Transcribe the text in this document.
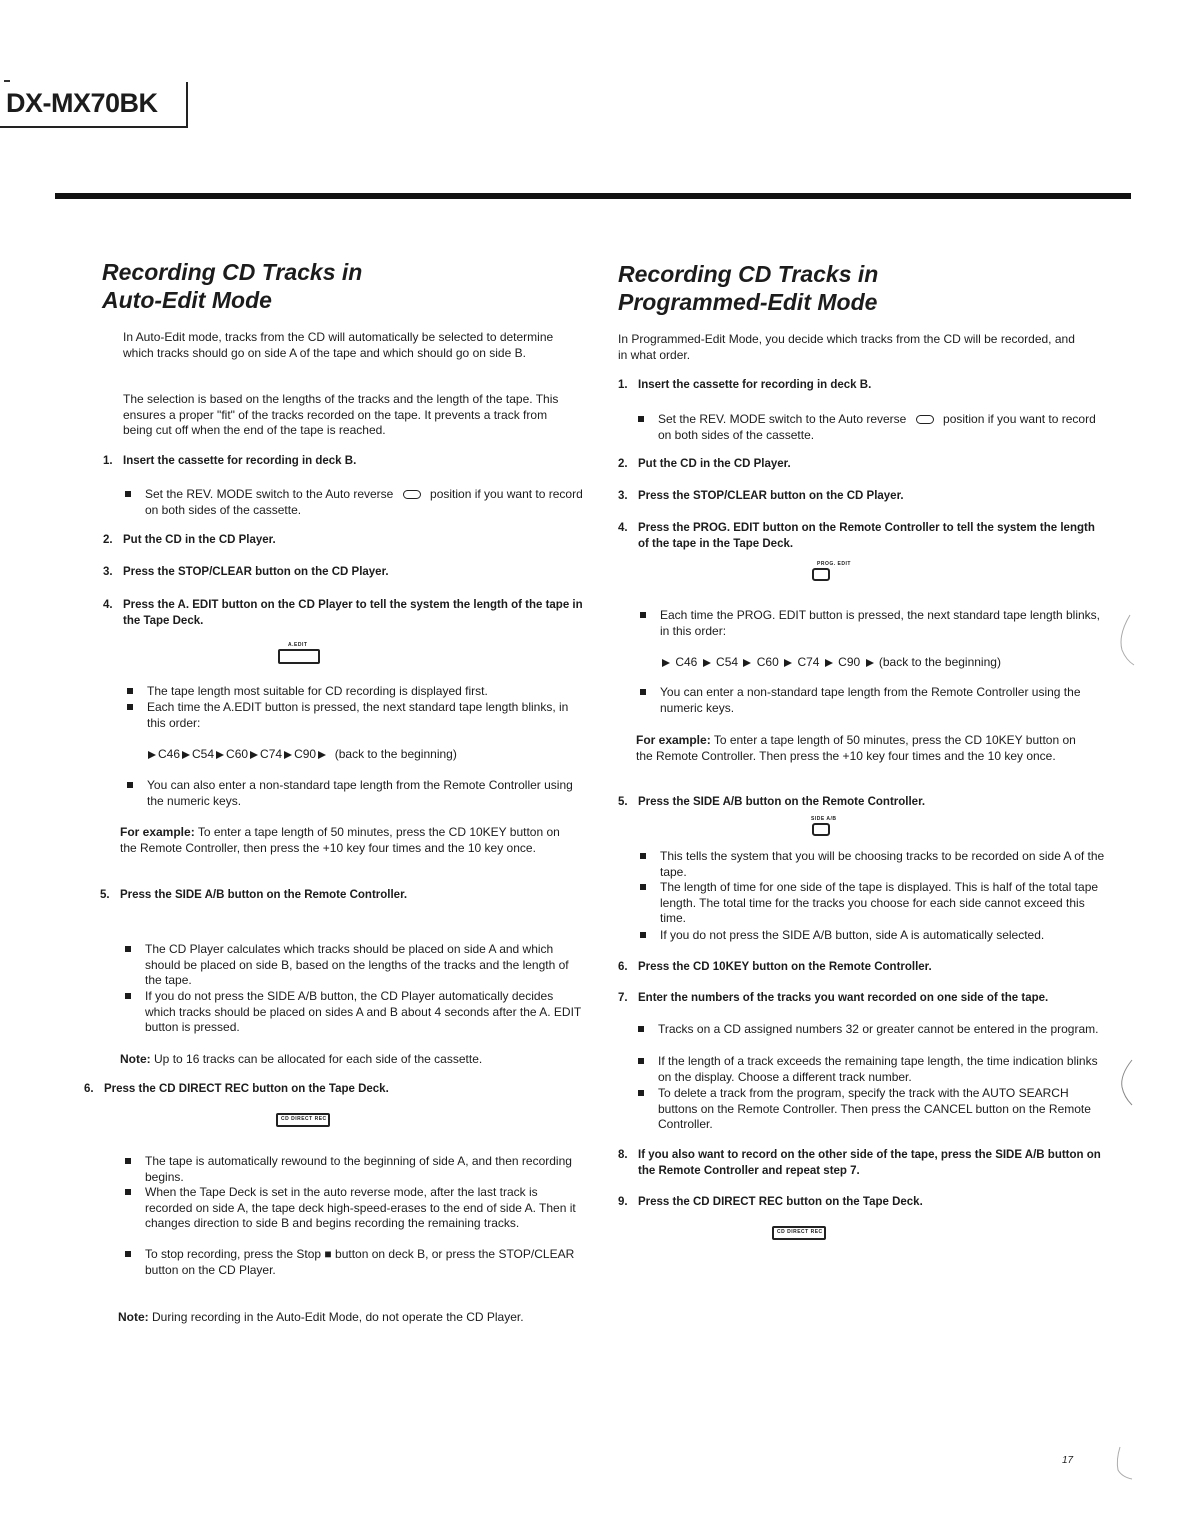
DX-MX70BK
Recording CD Tracks in
Auto-Edit Mode

In Auto-Edit mode, tracks from the CD will automatically be selected to determine which tracks should go on side A of the tape and which should go on side B.

The selection is based on the lengths of the tracks and the length of the tape. This ensures a proper "fit" of the tracks recorded on the tape. It prevents a track from being cut off when the end of the tape is reached.

1. Insert the cassette for recording in deck B.
Set the REV. MODE switch to the Auto reverse	position if you want to record on both sides of the cassette.
2. Put the CD in the CD Player.
3. Press the STOP/CLEAR button on the CD Player.
4. Press the A. EDIT button on the CD Player to tell the system the length of the tape in the Tape Deck.
A.EDIT
The tape length most suitable for CD recording is displayed first.
Each time the A.EDIT button is pressed, the next standard tape length blinks, in this order:
C46 C54 C60 C74 C90 (back to the beginning)
You can also enter a non-standard tape length from the Remote Controller using the numeric keys.

For example: To enter a tape length of 50 minutes, press the CD 10KEY button on the Remote Controller, then press the +10 key four times and the 10 key once.

5. Press the SIDE A/B button on the Remote Controller.
The CD Player calculates which tracks should be placed on side A and which should be placed on side B, based on the lengths of the tracks and the length of the tape.
If you do not press the SIDE A/B button, the CD Player automatically decides which tracks should be placed on sides A and B about 4 seconds after the A. EDIT button is pressed.

Note: Up to 16 tracks can be allocated for each side of the cassette.

6. Press the CD DIRECT REC button on the Tape Deck.
CD DIRECT REC
The tape is automatically rewound to the beginning of side A, and then recording begins.
When the Tape Deck is set in the auto reverse mode, after the last track is recorded on side A, the tape deck high-speed-erases to the end of side A. Then it changes direction to side B and begins recording the remaining tracks.
To stop recording, press the Stop ■ button on deck B, or press the STOP/CLEAR button on the CD Player.

Note: During recording in the Auto-Edit Mode, do not operate the CD Player.

Recording CD Tracks in
Programmed-Edit Mode

In Programmed-Edit Mode, you decide which tracks from the CD will be recorded, and in what order.

1. Insert the cassette for recording in deck B.
Set the REV. MODE switch to the Auto reverse	position if you want to record on both sides of the cassette.
2. Put the CD in the CD Player.
3. Press the STOP/CLEAR button on the CD Player.
4. Press the PROG. EDIT button on the Remote Controller to tell the system the length of the tape in the Tape Deck.
PROG. EDIT
Each time the PROG. EDIT button is pressed, the next standard tape length blinks, in this order:
C46 C54 C60 C74 C90 (back to the beginning)
You can enter a non-standard tape length from the Remote Controller using the numeric keys.

For example: To enter a tape length of 50 minutes, press the CD 10KEY button on the Remote Controller. Then press the +10 key four times and the 10 key once.

5. Press the SIDE A/B button on the Remote Controller.
SIDE A/B
This tells the system that you will be choosing tracks to be recorded on side A of the tape.
The length of time for one side of the tape is displayed. This is half of the total tape length. The total time for the tracks you choose for each side cannot exceed this time.
If you do not press the SIDE A/B button, side A is automatically selected.
6. Press the CD 10KEY button on the Remote Controller.
7. Enter the numbers of the tracks you want recorded on one side of the tape.
Tracks on a CD assigned numbers 32 or greater cannot be entered in the program.
If the length of a track exceeds the remaining tape length, the time indication blinks on the display. Choose a different track number.
To delete a track from the program, specify the track with the AUTO SEARCH buttons on the Remote Controller. Then press the CANCEL button on the Remote Controller.
8. If you also want to record on the other side of the tape, press the SIDE A/B button on the Remote Controller and repeat step 7.
9. Press the CD DIRECT REC button on the Tape Deck.
CD DIRECT REC
17
